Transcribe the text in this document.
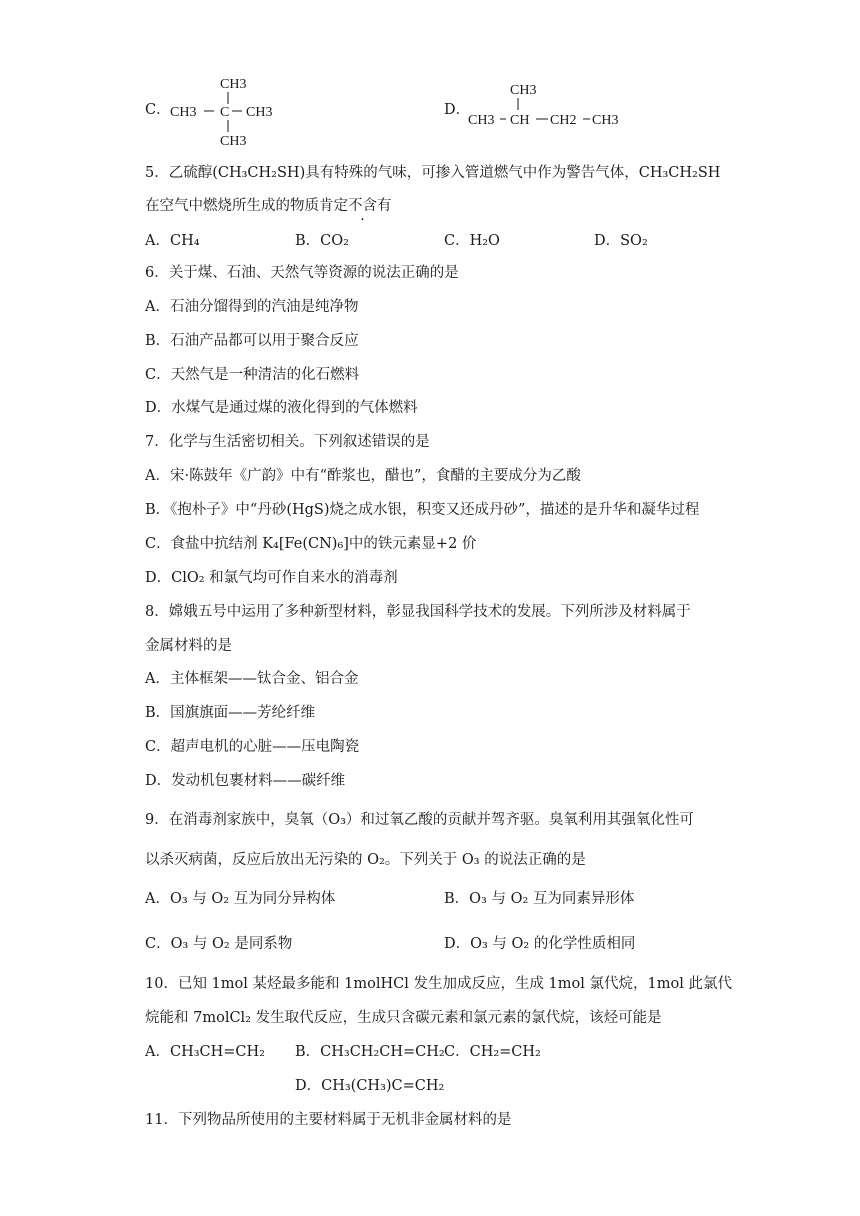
C．
CH3
CH3 C CH3
CH3
D．
CH3
CH3 CH CH2 CH3
5．乙硫醇(CH₃CH₂SH)具有特殊的气味，可掺入管道燃气中作为警告气体，CH₃CH₂SH
在空气中燃烧所生成的物质肯定不含有
A．CH₄	B．CO₂	C．H₂O	D．SO₂
6．关于煤、石油、天然气等资源的说法正确的是
A．石油分馏得到的汽油是纯净物
B．石油产品都可以用于聚合反应
C．天然气是一种清洁的化石燃料
D．水煤气是通过煤的液化得到的气体燃料
7．化学与生活密切相关。下列叙述错误的是
A．宋·陈鼓年《广韵》中有“酢浆也，醋也”，食醋的主要成分为乙酸
B．《抱朴子》中“丹砂(HgS)烧之成水银，积变又还成丹砂”，描述的是升华和凝华过程
C．食盐中抗结剂 K₄[Fe(CN)₆]中的铁元素显+2 价
D．ClO₂ 和氯气均可作自来水的消毒剂
8．嫦娥五号中运用了多种新型材料，彰显我国科学技术的发展。下列所涉及材料属于
金属材料的是
A．主体框架——钛合金、铝合金
B．国旗旗面——芳纶纤维
C．超声电机的心脏——压电陶瓷
D．发动机包裹材料——碳纤维
9．在消毒剂家族中，臭氧（O₃）和过氧乙酸的贡献并驾齐驱。臭氧利用其强氧化性可
以杀灭病菌，反应后放出无污染的 O₂。下列关于 O₃ 的说法正确的是
A．O₃ 与 O₂ 互为同分异构体	B．O₃ 与 O₂ 互为同素异形体
C．O₃ 与 O₂ 是同系物	D．O₃ 与 O₂ 的化学性质相同
10．已知 1mol 某烃最多能和 1molHCl 发生加成反应，生成 1mol 氯代烷，1mol 此氯代
烷能和 7molCl₂ 发生取代反应，生成只含碳元素和氯元素的氯代烷，该烃可能是
A．CH₃CH=CH₂ B．CH₃CH₂CH=CH₂ C．CH₂=CH₂
D．CH₃(CH₃)C=CH₂
11．下列物品所使用的主要材料属于无机非金属材料的是
